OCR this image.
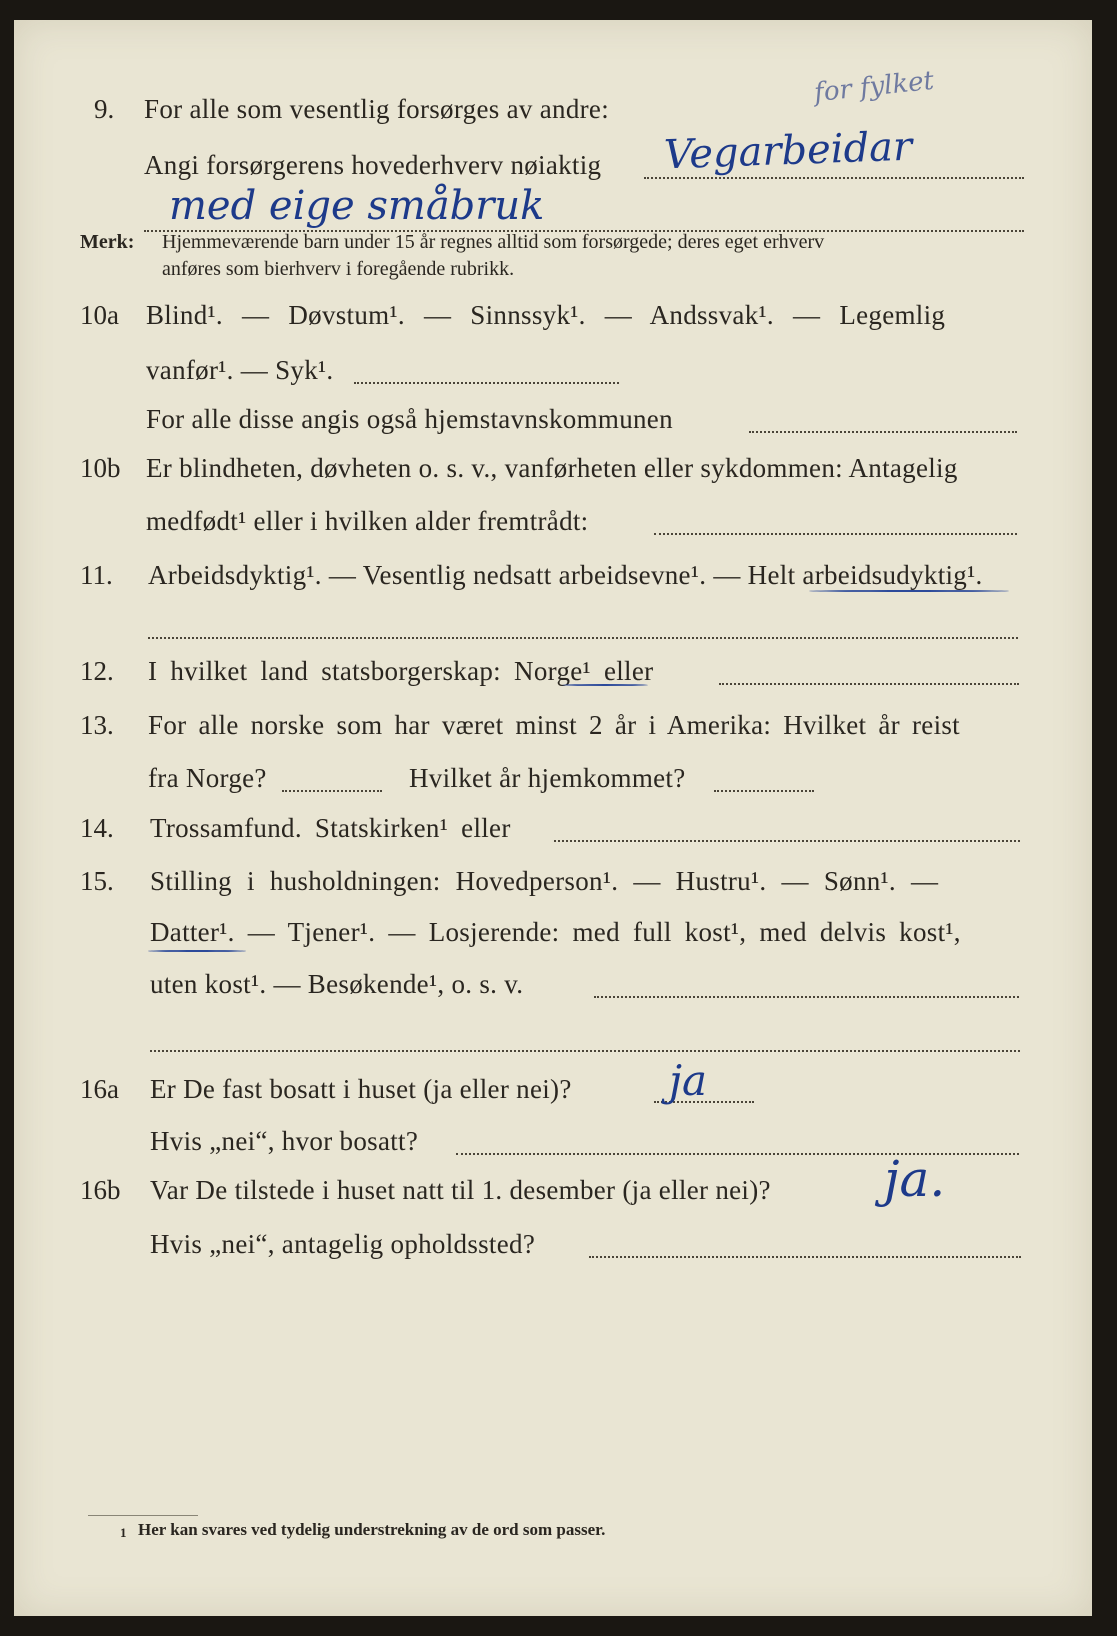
9. For alle som vesentlig forsørges av andre:
for fylket
Angi forsørgerens hovederhverv nøiaktig Vegarbeidar
med eige småbruk
Merk: Hjemmeværende barn under 15 år regnes alltid som forsørgede; deres eget erhverv
anføres som bierhverv i foregående rubrikk.
10a Blind¹. — Døvstum¹. — Sinnssyk¹. — Andssvak¹. — Legemlig
vanfør¹. — Syk¹.
For alle disse angis også hjemstavnskommunen
10b Er blindheten, døvheten o. s. v., vanførheten eller sykdommen: Antagelig
medfødt¹ eller i hvilken alder fremtrådt:
11. Arbeidsdyktig¹. — Vesentlig nedsatt arbeidsevne¹. — Helt arbeidsudyktig¹.
12. I hvilket land statsborgerskap: Norge¹ eller
13. For alle norske som har været minst 2 år i Amerika: Hvilket år reist
fra Norge?	Hvilket år hjemkommet?
14. Trossamfund. Statskirken¹ eller
15. Stilling i husholdningen: Hovedperson¹. — Hustru¹. — Sønn¹. —
Datter¹. — Tjener¹. — Losjerende: med full kost¹, med delvis kost¹,
uten kost¹. — Besøkende¹, o. s. v.
16a Er De fast bosatt i huset (ja eller nei)? ja
Hvis „nei“, hvor bosatt?
16b Var De tilstede i huset natt til 1. desember (ja eller nei)? ja.
Hvis „nei“, antagelig opholdssted?
1 Her kan svares ved tydelig understrekning av de ord som passer.
